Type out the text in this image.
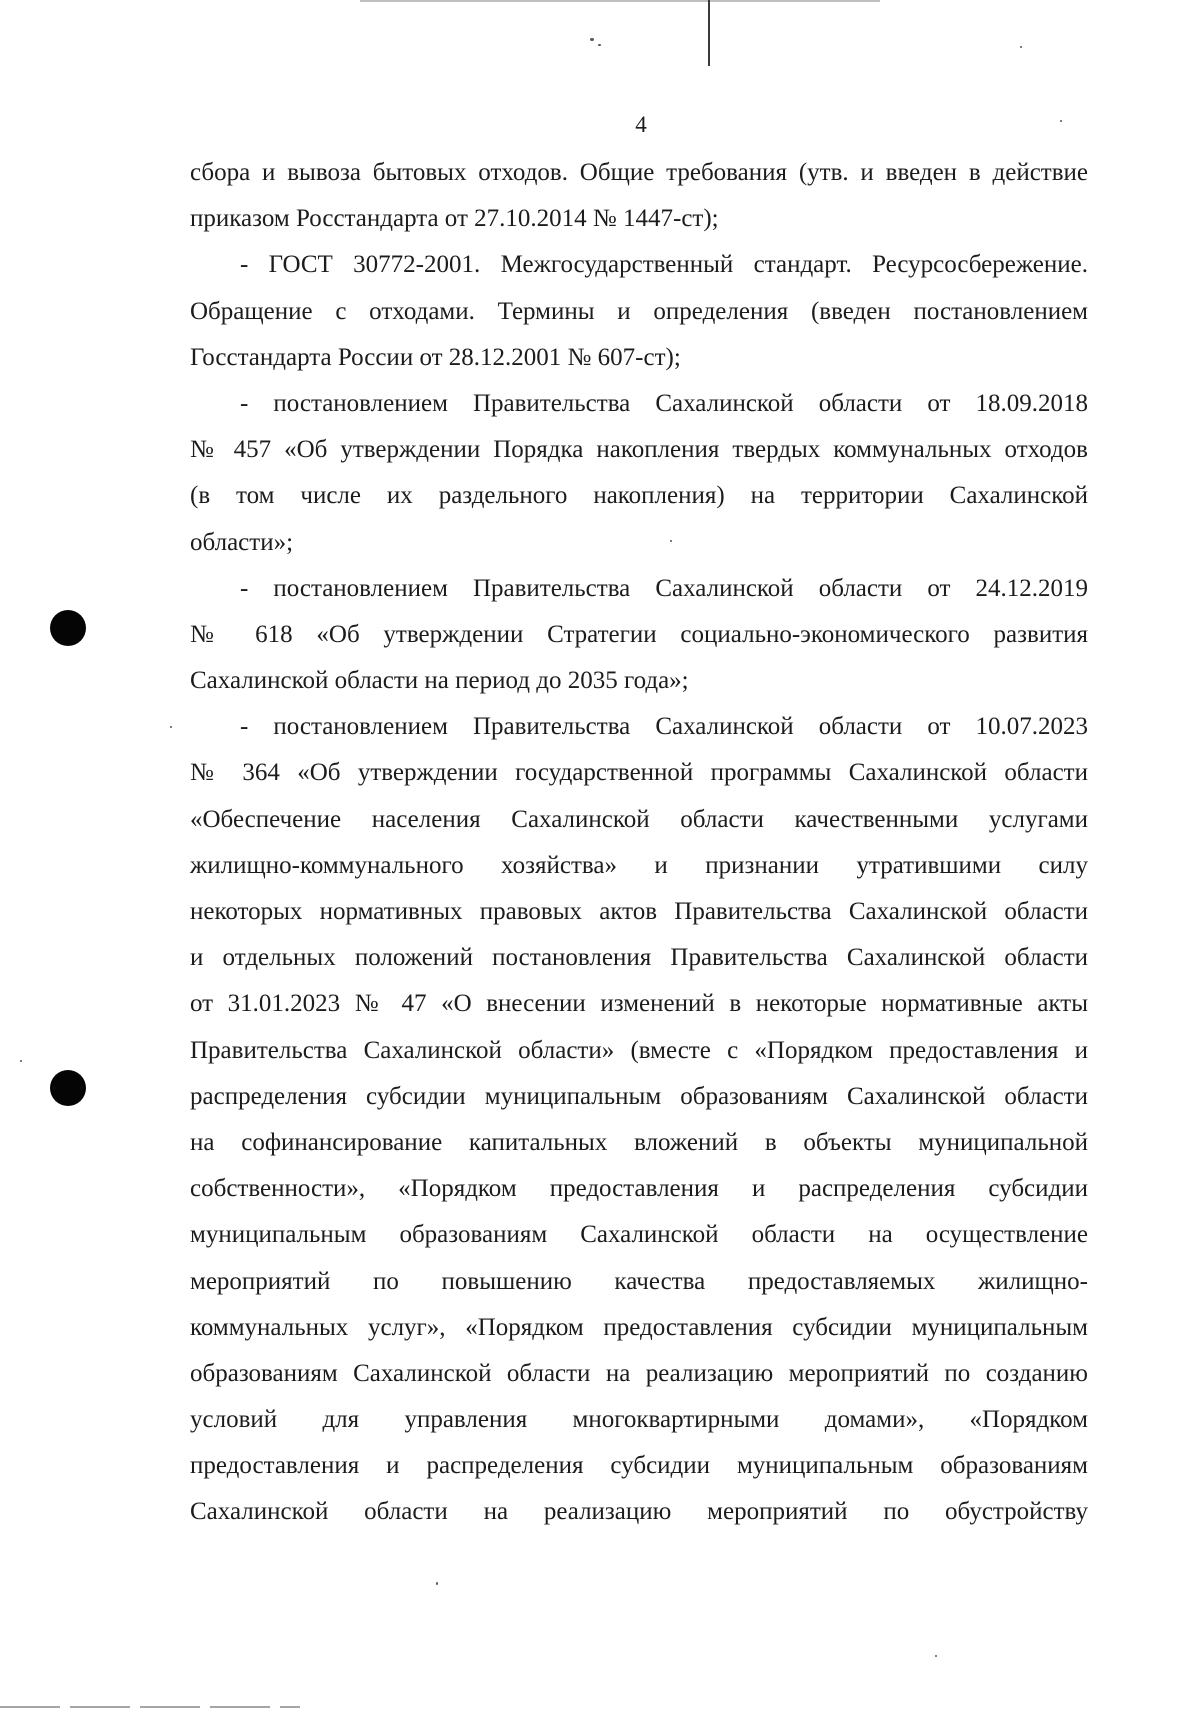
4
сбора и вывоза бытовых отходов. Общие требования (утв. и введен в действие
приказом Росстандарта от 27.10.2014 № 1447-ст);
- ГОСТ 30772-2001. Межгосударственный стандарт. Ресурсосбережение.
Обращение с отходами. Термины и определения (введен постановлением
Госстандарта России от 28.12.2001 № 607-ст);
- постановлением Правительства Сахалинской области от 18.09.2018
№ 457 «Об утверждении Порядка накопления твердых коммунальных отходов
(в том числе их раздельного накопления) на территории Сахалинской
области»;
- постановлением Правительства Сахалинской области от 24.12.2019
№ 618 «Об утверждении Стратегии социально-экономического развития
Сахалинской области на период до 2035 года»;
- постановлением Правительства Сахалинской области от 10.07.2023
№ 364 «Об утверждении государственной программы Сахалинской области
«Обеспечение населения Сахалинской области качественными услугами
жилищно-коммунального хозяйства» и признании утратившими силу
некоторых нормативных правовых актов Правительства Сахалинской области
и отдельных положений постановления Правительства Сахалинской области
от 31.01.2023 № 47 «О внесении изменений в некоторые нормативные акты
Правительства Сахалинской области» (вместе с «Порядком предоставления и
распределения субсидии муниципальным образованиям Сахалинской области
на софинансирование капитальных вложений в объекты муниципальной
собственности», «Порядком предоставления и распределения субсидии
муниципальным образованиям Сахалинской области на осуществление
мероприятий по повышению качества предоставляемых жилищно-
коммунальных услуг», «Порядком предоставления субсидии муниципальным
образованиям Сахалинской области на реализацию мероприятий по созданию
условий для управления многоквартирными домами», «Порядком
предоставления и распределения субсидии муниципальным образованиям
Сахалинской области на реализацию мероприятий по обустройству
